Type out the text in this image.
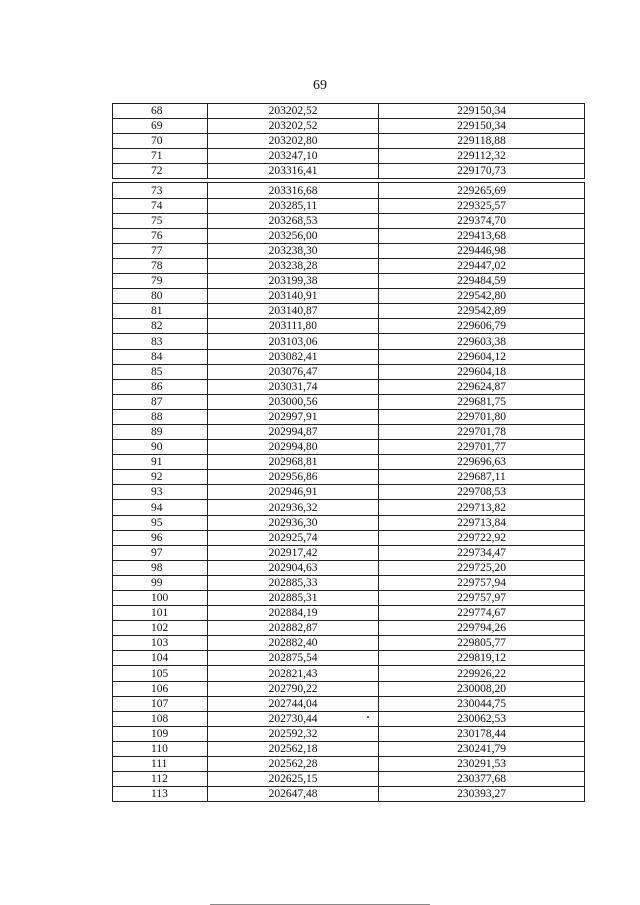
69
68	203202,52	229150,34
69	203202,52	229150,34
70	203202,80	229118,88
71	203247,10	229112,32
72	203316,41	229170,73

73	203316,68	229265,69
74	203285,11	229325,57
75	203268,53	229374,70
76	203256,00	229413,68
77	203238,30	229446,98
78	203238,28	229447,02
79	203199,38	229484,59
80	203140,91	229542,80
81	203140,87	229542,89
82	203111,80	229606,79
83	203103,06	229603,38
84	203082,41	229604,12
85	203076,47	229604,18
86	203031,74	229624,87
87	203000,56	229681,75
88	202997,91	229701,80
89	202994,87	229701,78
90	202994,80	229701,77
91	202968,81	229696,63
92	202956,86	229687,11
93	202946,91	229708,53
94	202936,32	229713,82
95	202936,30	229713,84
96	202925,74	229722,92
97	202917,42	229734,47
98	202904,63	229725,20
99	202885,33	229757,94
100	202885,31	229757,97
101	202884,19	229774,67
102	202882,87	229794,26
103	202882,40	229805,77
104	202875,54	229819,12
105	202821,43	229926,22
106	202790,22	230008,20
107	202744,04	230044,75
108	202730,44	230062,53
109	202592,32	230178,44
110	202562,18	230241,79
111	202562,28	230291,53
112	202625,15	230377,68
113	202647,48	230393,27
